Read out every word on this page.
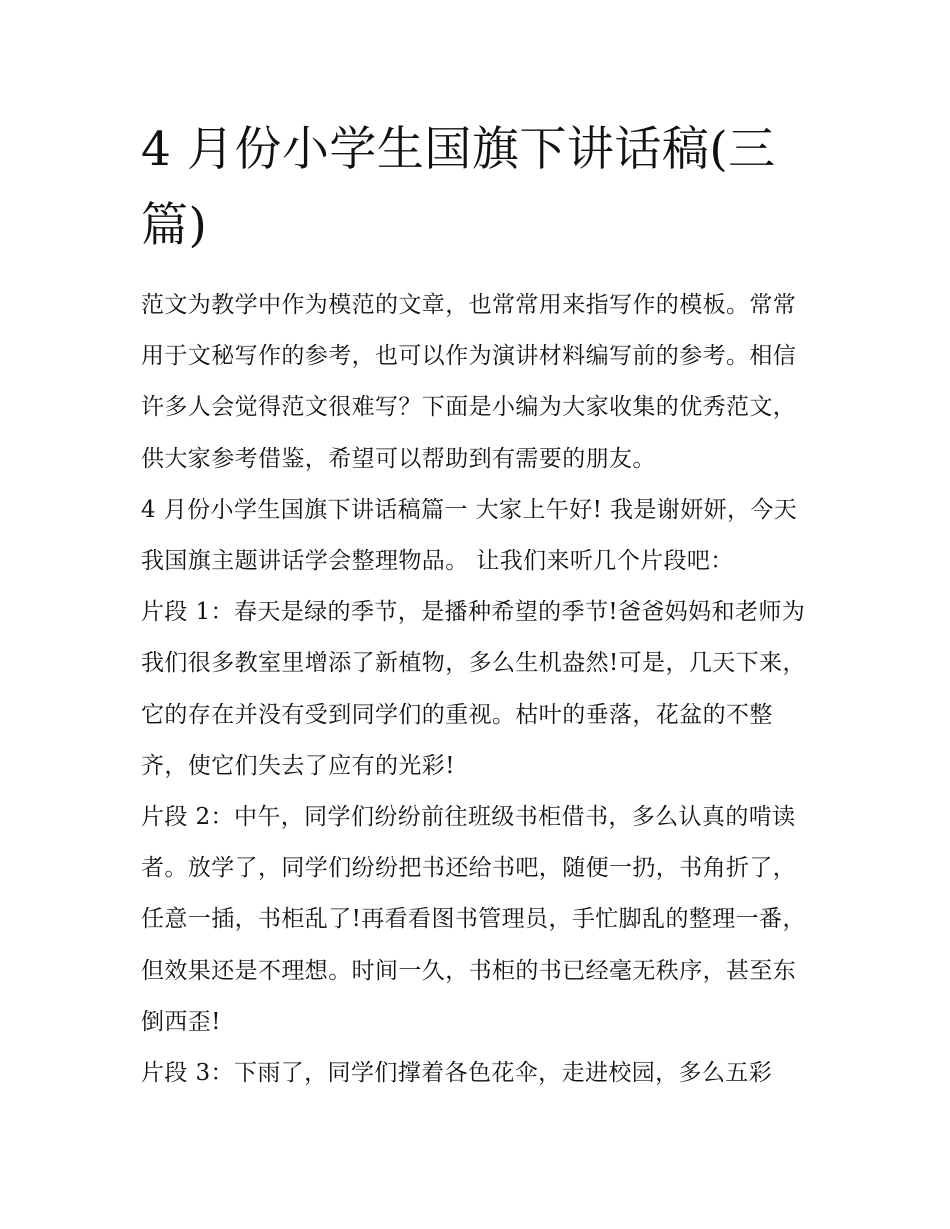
4 月份小学生国旗下讲话稿(三篇)

范文为教学中作为模范的文章，也常常用来指写作的模板。常常用于文秘写作的参考，也可以作为演讲材料编写前的参考。相信许多人会觉得范文很难写？下面是小编为大家收集的优秀范文，供大家参考借鉴，希望可以帮助到有需要的朋友。

4 月份小学生国旗下讲话稿篇一 大家上午好! 我是谢妍妍，今天我国旗主题讲话学会整理物品。 让我们来听几个片段吧：

片段 1：春天是绿的季节，是播种希望的季节!爸爸妈妈和老师为我们很多教室里增添了新植物，多么生机盎然!可是，几天下来，它的存在并没有受到同学们的重视。枯叶的垂落，花盆的不整齐，使它们失去了应有的光彩!

片段 2：中午，同学们纷纷前往班级书柜借书，多么认真的啃读者。放学了，同学们纷纷把书还给书吧，随便一扔，书角折了，任意一插，书柜乱了!再看看图书管理员，手忙脚乱的整理一番，但效果还是不理想。时间一久，书柜的书已经毫无秩序，甚至东倒西歪!

片段 3：下雨了，同学们撑着各色花伞，走进校园，多么五彩
